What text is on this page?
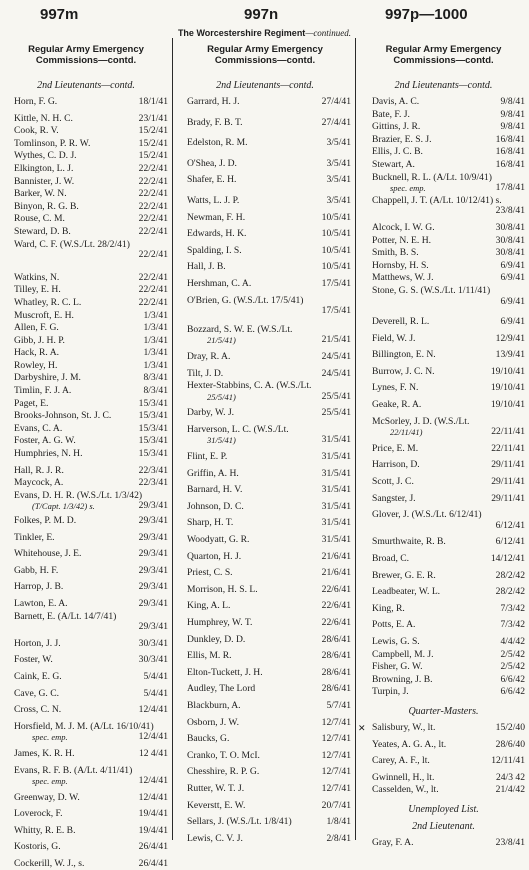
997m	997n	997p—1000
The Worcestershire Regiment—continued.
Regular Army Emergency
Commissions—contd.
2nd Lieutenants—contd.
Horn, F. G.	18/1/41
Kittle, N. H. C.	23/1/41
Cook, R. V.	15/2/41
Tomlinson, P. R. W.	15/2/41
Wythes, C. D. J.	15/2/41
Elkington, L. J.	22/2/41
Bannister, J. W.	22/2/41
Barker, W. N.	22/2/41
Binyon, R. G. B.	22/2/41
Rouse, C. M.	22/2/41
Steward, D. B.	22/2/41
Ward, C. F. (W.S./Lt. 28/2/41)
22/2/41
Watkins, N.	22/2/41
Tilley, E. H.	22/2/41
Whatley, R. C. L.	22/2/41
Muscroft, E. H.	1/3/41
Allen, F. G.	1/3/41
Gibb, J. H. P.	1/3/41
Hack, R. A.	1/3/41
Rowley, H.	1/3/41
Darbyshire, J. M.	8/3/41
Timlin, F. J. A.	8/3/41
Paget, E.	15/3/41
Brooks-Johnson, St. J. C.	15/3/41
Evans, C. A.	15/3/41
Foster, A. G. W.	15/3/41
Humphries, N. H.	15/3/41
Hall, R. J. R.	22/3/41
Maycock, A.	22/3/41
Evans, D. H. R. (W.S./Lt. 1/3/42)
(T/Capt. 1/3/42) s.	29/3/41
Folkes, P. M. D.	29/3/41
Tinkler, E.	29/3/41
Whitehouse, J. E.	29/3/41
Gabb, H. F.	29/3/41
Harrop, J. B.	29/3/41
Lawton, E. A.	29/3/41
Barnett, E. (A/Lt. 14/7/41)
29/3/41
Horton, J. J.	30/3/41
Foster, W.	30/3/41
Caink, E. G.	5/4/41
Cave, G. C.	5/4/41
Cross, C. N.	12/4/41
Horsfield, M. J. M. (A/Lt. 16/10/41)
spec. emp.	12/4/41
James, K. R. H.	12 4/41
Evans, R. F. B. (A/Lt. 4/11/41)
spec. emp.	12/4/41
Greenway, D. W.	12/4/41
Loverock, F.	19/4/41
Whitty, R. E. B.	19/4/41
Kostoris, G.	26/4/41
Cockerill, W. J., s.	26/4/41
Regular Army Emergency
Commissions—contd.
2nd Lieutenants—contd.
Garrard, H. J.	27/4/41
Brady, F. B. T.	27/4/41
Edelston, R. M.	3/5/41
O'Shea, J. D.	3/5/41
Shafer, E. H.	3/5/41
Watts, L. J. P.	3/5/41
Newman, F. H.	10/5/41
Edwards, H. K.	10/5/41
Spalding, I. S.	10/5/41
Hall, J. B.	10/5/41
Hershman, C. A.	17/5/41
O'Brien, G. (W.S./Lt. 17/5/41)
17/5/41
Bozzard, S. W. E. (W.S./Lt.
21/5/41)	21/5/41
Dray, R. A.	24/5/41
Tilt, J. D.	24/5/41
Hexter-Stabbins, C. A. (W.S./Lt.
25/5/41)	25/5/41
Darby, W. J.	25/5/41
Harverson, L. C. (W.S./Lt.
31/5/41)	31/5/41
Flint, E. P.	31/5/41
Griffin, A. H.	31/5/41
Barnard, H. V.	31/5/41
Johnson, D. C.	31/5/41
Sharp, H. T.	31/5/41
Woodyatt, G. R.	31/5/41
Quarton, H. J.	21/6/41
Priest, C. S.	21/6/41
Morrison, H. S. L.	22/6/41
King, A. L.	22/6/41
Humphrey, W. T.	22/6/41
Dunkley, D. D.	28/6/41
Ellis, M. R.	28/6/41
Elton-Tuckett, J. H.	28/6/41
Audley, The Lord	28/6/41
Blackburn, A.	5/7/41
Osborn, J. W.	12/7/41
Baucks, G.	12/7/41
Cranko, T. O. McI.	12/7/41
Chesshire, R. P. G.	12/7/41
Rutter, W. T. J.	12/7/41
Keverstt, E. W.	20/7/41
Sellars, J. (W.S./Lt. 1/8/41)	1/8/41
Lewis, C. V. J.	2/8/41
Regular Army Emergency
Commissions—contd.
2nd Lieutenants—contd.
Davis, A. C.	9/8/41
Bate, F. J.	9/8/41
Gittins, J. R.	9/8/41
Brazier, E. S. J.	16/8/41
Ellis, J. C. B.	16/8/41
Stewart, A.	16/8/41
Bucknell, R. L. (A/Lt. 10/9/41)
spec. emp.	17/8/41
Chappell, J. T. (A/Lt. 10/12/41) s.
23/8/41
Alcock, I. W. G.	30/8/41
Potter, N. E. H.	30/8/41
Smith, B. S.	30/8/41
Hornsby, H. S.	6/9/41
Matthews, W. J.	6/9/41
Stone, G. S. (W.S./Lt. 1/11/41)
6/9/41
Deverell, R. L.	6/9/41
Field, W. J.	12/9/41
Billington, E. N.	13/9/41
Burrow, J. C. N.	19/10/41
Lynes, F. N.	19/10/41
Geake, R. A.	19/10/41
McSorley, J. D. (W.S./Lt.
22/11/41)	22/11/41
Price, E. M.	22/11/41
Harrison, D.	29/11/41
Scott, J. C.	29/11/41
Sangster, J.	29/11/41
Glover, J. (W.S./Lt. 6/12/41)
6/12/41
Smurthwaite, R. B.	6/12/41
Broad, C.	14/12/41
Brewer, G. E. R.	28/2/42
Leadbeater, W. L.	28/2/42
King, R.	7/3/42
Potts, E. A.	7/3/42
Lewis, G. S.	4/4/42
Campbell, M. J.	2/5/42
Fisher, G. W.	2/5/42
Browning, J. B.	6/6/42
Turpin, J.	6/6/42
Quarter-Masters.
✕ Salisbury, W., lt.	15/2/40
Yeates, A. G. A., lt.	28/6/40
Carey, A. F., lt.	12/11/41
Gwinnell, H., lt.	24/3 42
Casselden, W., lt.	21/4/42
Unemployed List.
2nd Lieutenant.
Gray, F. A.	23/8/41
